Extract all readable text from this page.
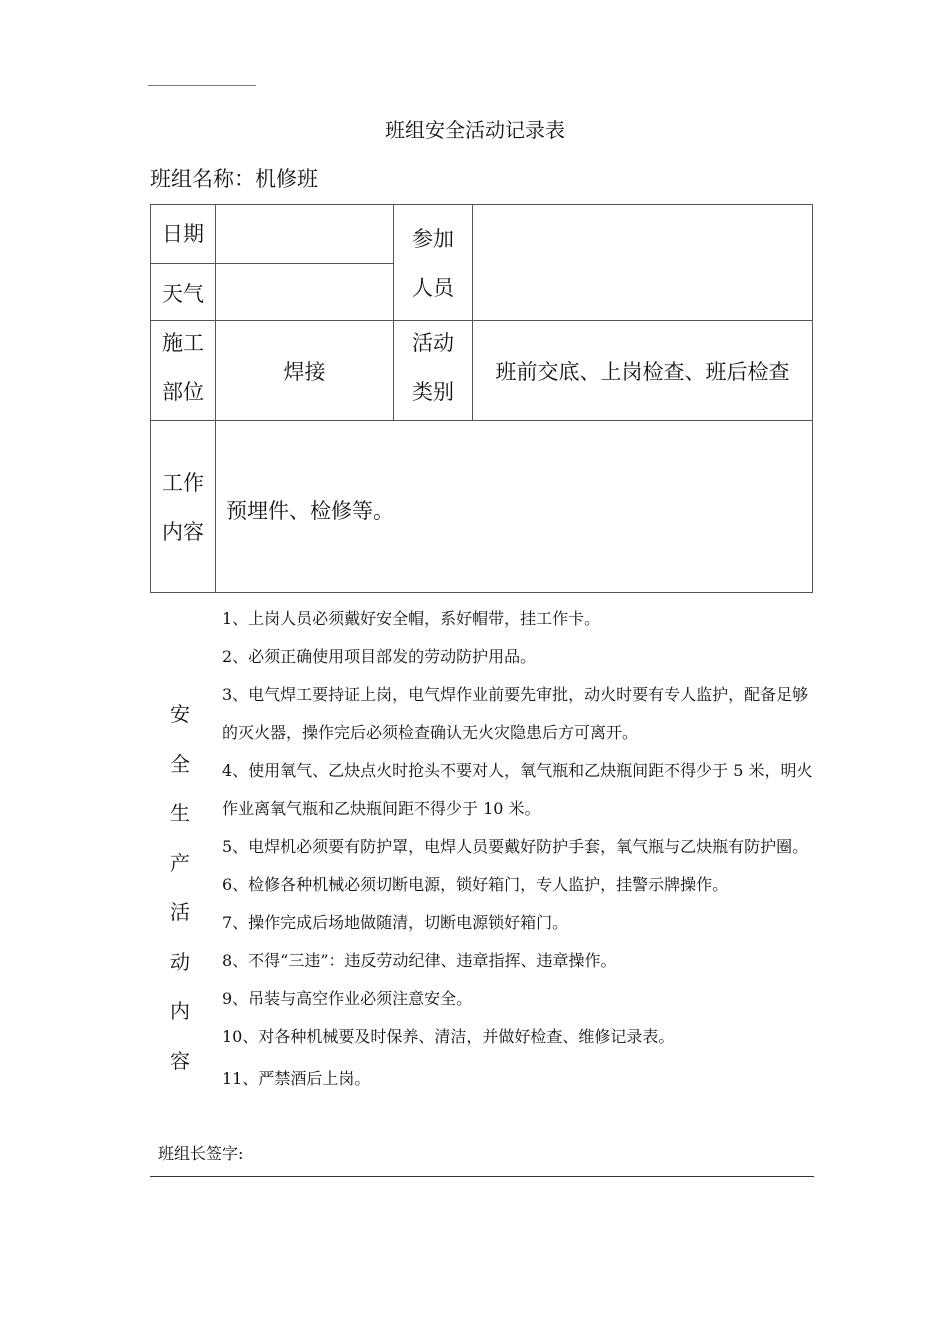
班组安全活动记录表
班组名称：机修班
日期
天气
参加
人员
施工
部位
焊接
活动
类别
班前交底、上岗检查、班后检查
工作
内容
预埋件、检修等。
安
全
生
产
活
动
内
容
1、上岗人员必须戴好安全帽，系好帽带，挂工作卡。
2、必须正确使用项目部发的劳动防护用品。
3、电气焊工要持证上岗，电气焊作业前要先审批，动火时要有专人监护，配备足够的灭火器，操作完后必须检查确认无火灾隐患后方可离开。
4、使用氧气、乙炔点火时抢头不要对人，氧气瓶和乙炔瓶间距不得少于 5 米，明火作业离氧气瓶和乙炔瓶间距不得少于 10 米。
5、电焊机必须要有防护罩，电焊人员要戴好防护手套，氧气瓶与乙炔瓶有防护圈。
6、检修各种机械必须切断电源，锁好箱门，专人监护，挂警示牌操作。
7、操作完成后场地做随清，切断电源锁好箱门。
8、不得“三违”：违反劳动纪律、违章指挥、违章操作。
9、吊装与高空作业必须注意安全。
10、对各种机械要及时保养、清洁，并做好检查、维修记录表。
11、严禁酒后上岗。
班组长签字:
